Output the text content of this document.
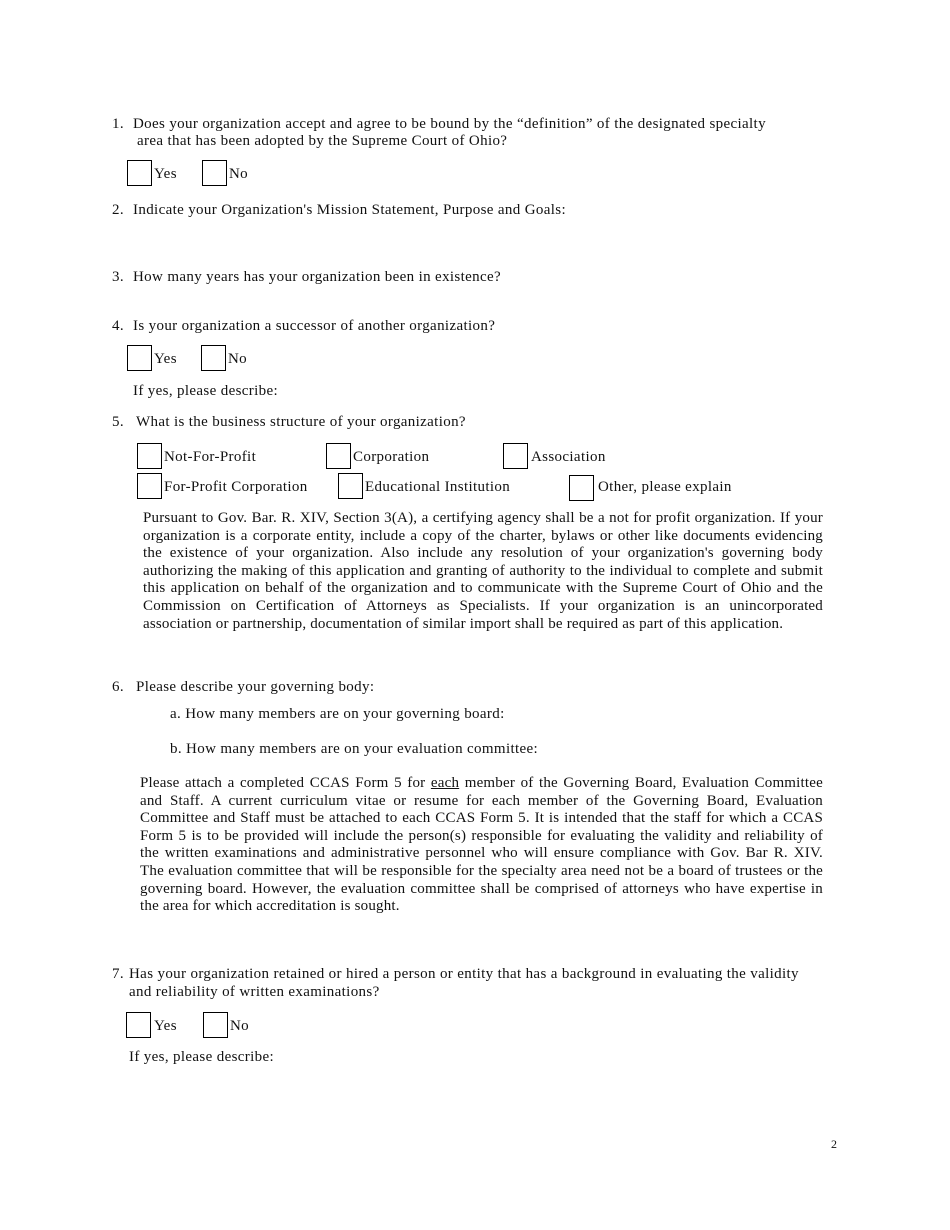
1. Does your organization accept and agree to be bound by the “definition” of the designated specialty
area that has been adopted by the Supreme Court of Ohio?
Yes	No
2. Indicate your Organization's Mission Statement, Purpose and Goals:
3. How many years has your organization been in existence?
4. Is your organization a successor of another organization?
Yes	No
If yes, please describe:
5. What is the business structure of your organization?
Not-For-Profit	Corporation	Association
For-Profit Corporation	Educational Institution	Other, please explain
Pursuant to Gov. Bar. R. XIV, Section 3(A), a certifying agency shall be a not for profit organization. If your organization is a corporate entity, include a copy of the charter, bylaws or other like documents evidencing the existence of your organization. Also include any resolution of your organization's governing body authorizing the making of this application and granting of authority to the individual to complete and submit this application on behalf of the organization and to communicate with the Supreme Court of Ohio and the Commission on Certification of Attorneys as Specialists. If your organization is an unincorporated association or partnership, documentation of similar import shall be required as part of this application.
6. Please describe your governing body:
a. How many members are on your governing board:
b. How many members are on your evaluation committee:
Please attach a completed CCAS Form 5 for each member of the Governing Board, Evaluation Committee and Staff. A current curriculum vitae or resume for each member of the Governing Board, Evaluation Committee and Staff must be attached to each CCAS Form 5. It is intended that the staff for which a CCAS Form 5 is to be provided will include the person(s) responsible for evaluating the validity and reliability of the written examinations and administrative personnel who will ensure compliance with Gov. Bar R. XIV. The evaluation committee that will be responsible for the specialty area need not be a board of trustees or the governing board. However, the evaluation committee shall be comprised of attorneys who have expertise in the area for which accreditation is sought.
7. Has your organization retained or hired a person or entity that has a background in evaluating the validity
and reliability of written examinations?
Yes	No
If yes, please describe:
2
